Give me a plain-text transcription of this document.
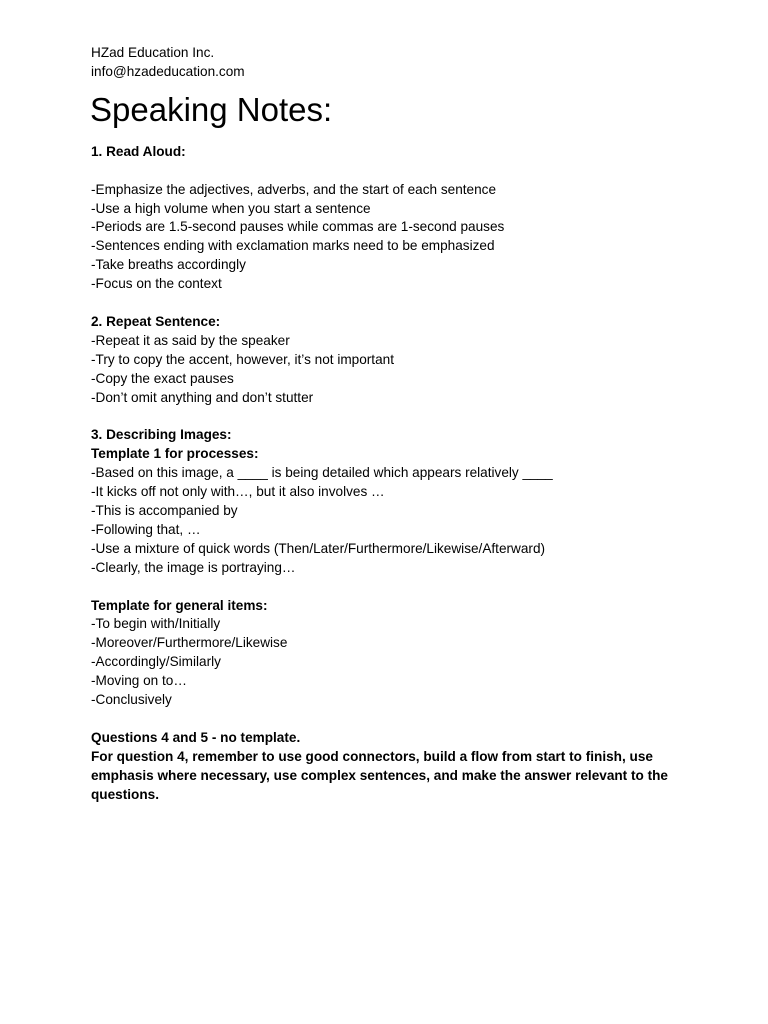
HZad Education Inc.
info@hzadeducation.com
Speaking Notes:
1. Read Aloud:
-Emphasize the adjectives, adverbs, and the start of each sentence
-Use a high volume when you start a sentence
-Periods are 1.5-second pauses while commas are 1-second pauses
-Sentences ending with exclamation marks need to be emphasized
-Take breaths accordingly
-Focus on the context
2. Repeat Sentence:
-Repeat it as said by the speaker
-Try to copy the accent, however, it’s not important
-Copy the exact pauses
-Don’t omit anything and don’t stutter
3. Describing Images:
Template 1 for processes:
-Based on this image, a ____ is being detailed which appears relatively ____
-It kicks off not only with…, but it also involves …
-This is accompanied by
-Following that, …
-Use a mixture of quick words (Then/Later/Furthermore/Likewise/Afterward)
-Clearly, the image is portraying…
Template for general items:
-To begin with/Initially
-Moreover/Furthermore/Likewise
-Accordingly/Similarly
-Moving on to…
-Conclusively
Questions 4 and 5 - no template.
For question 4, remember to use good connectors, build a flow from start to finish, use emphasis where necessary, use complex sentences, and make the answer relevant to the questions.
